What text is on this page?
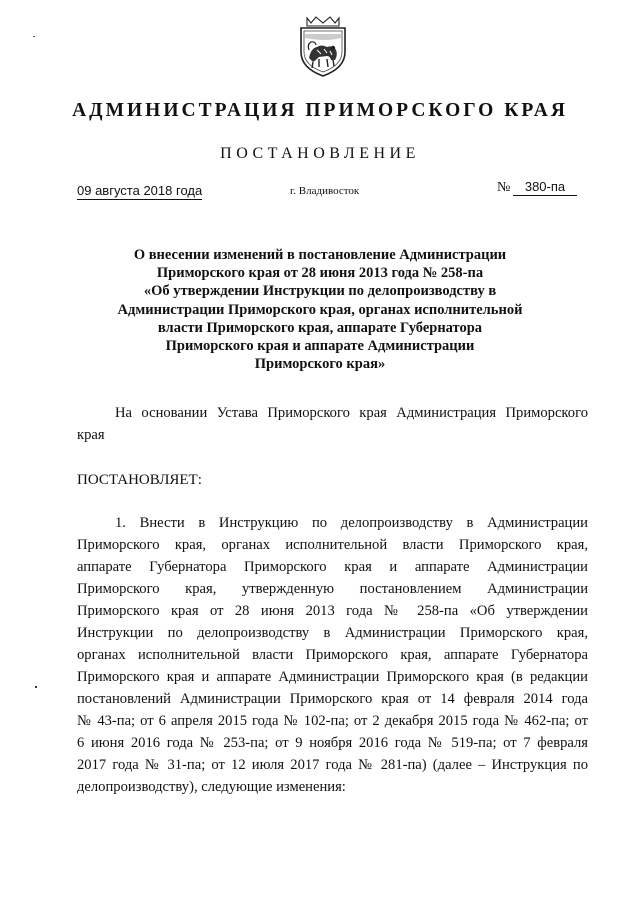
АДМИНИСТРАЦИЯ ПРИМОРСКОГО КРАЯ
ПОСТАНОВЛЕНИЕ
09 августа 2018 года	г. Владивосток	№	380-па
О внесении изменений в постановление Администрации
Приморского края от 28 июня 2013 года № 258-па
«Об утверждении Инструкции по делопроизводству в
Администрации Приморского края, органах исполнительной
власти Приморского края, аппарате Губернатора
Приморского края и аппарате Администрации
Приморского края»
На основании Устава Приморского края Администрация Приморского
края
ПОСТАНОВЛЯЕТ:
1. Внести в Инструкцию по делопроизводству в Администрации
Приморского края, органах исполнительной власти Приморского края,
аппарате Губернатора Приморского края и аппарате Администрации
Приморского края, утвержденную постановлением Администрации
Приморского края от 28 июня 2013 года № 258-па «Об утверждении
Инструкции по делопроизводству в Администрации Приморского края,
органах исполнительной власти Приморского края, аппарате Губернатора
Приморского края и аппарате Администрации Приморского края (в редакции
постановлений Администрации Приморского края от 14 февраля 2014 года
№ 43-па; от 6 апреля 2015 года № 102-па; от 2 декабря 2015 года № 462-па; от
6 июня 2016 года № 253-па; от 9 ноября 2016 года № 519-па; от 7 февраля
2017 года № 31-па; от 12 июля 2017 года № 281-па) (далее – Инструкция по
делопроизводству), следующие изменения:
